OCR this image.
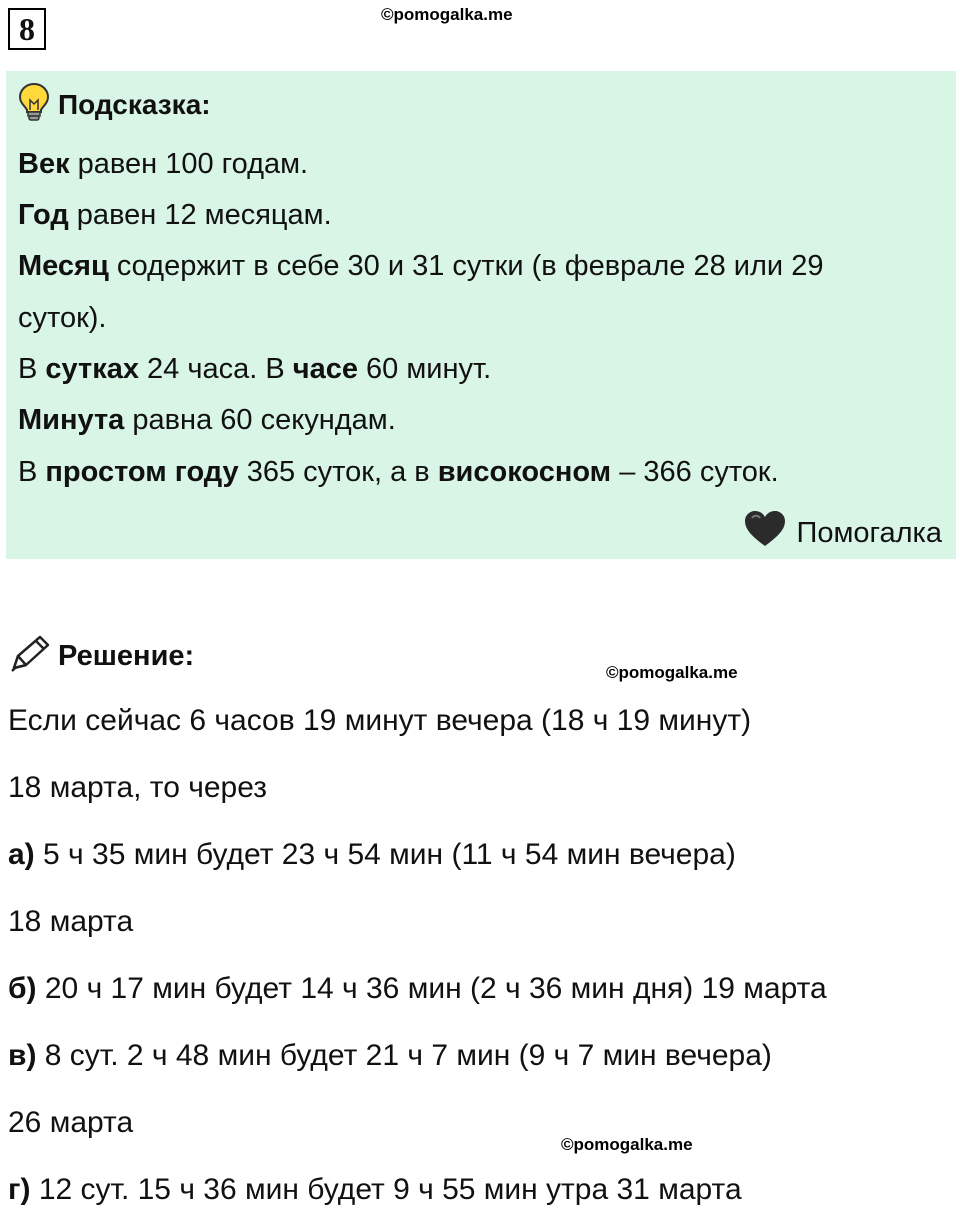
8	©pomogalka.me
Подсказка:
Век равен 100 годам.
Год равен 12 месяцам.
Месяц содержит в себе 30 и 31 сутки (в феврале 28 или 29
суток).
В сутках 24 часа. В часе 60 минут.
Минута равна 60 секундам.
В простом году 365 суток, а в високосном – 366 суток.
Помогалка
Решение:
©pomogalka.me
Если сейчас 6 часов 19 минут вечера (18 ч 19 минут)
18 марта, то через
а) 5 ч 35 мин будет 23 ч 54 мин (11 ч 54 мин вечера)
18 марта
б) 20 ч 17 мин будет 14 ч 36 мин (2 ч 36 мин дня) 19 марта
в) 8 сут. 2 ч 48 мин будет 21 ч 7 мин (9 ч 7 мин вечера)
26 марта
©pomogalka.me
г) 12 сут. 15 ч 36 мин будет 9 ч 55 мин утра 31 марта
